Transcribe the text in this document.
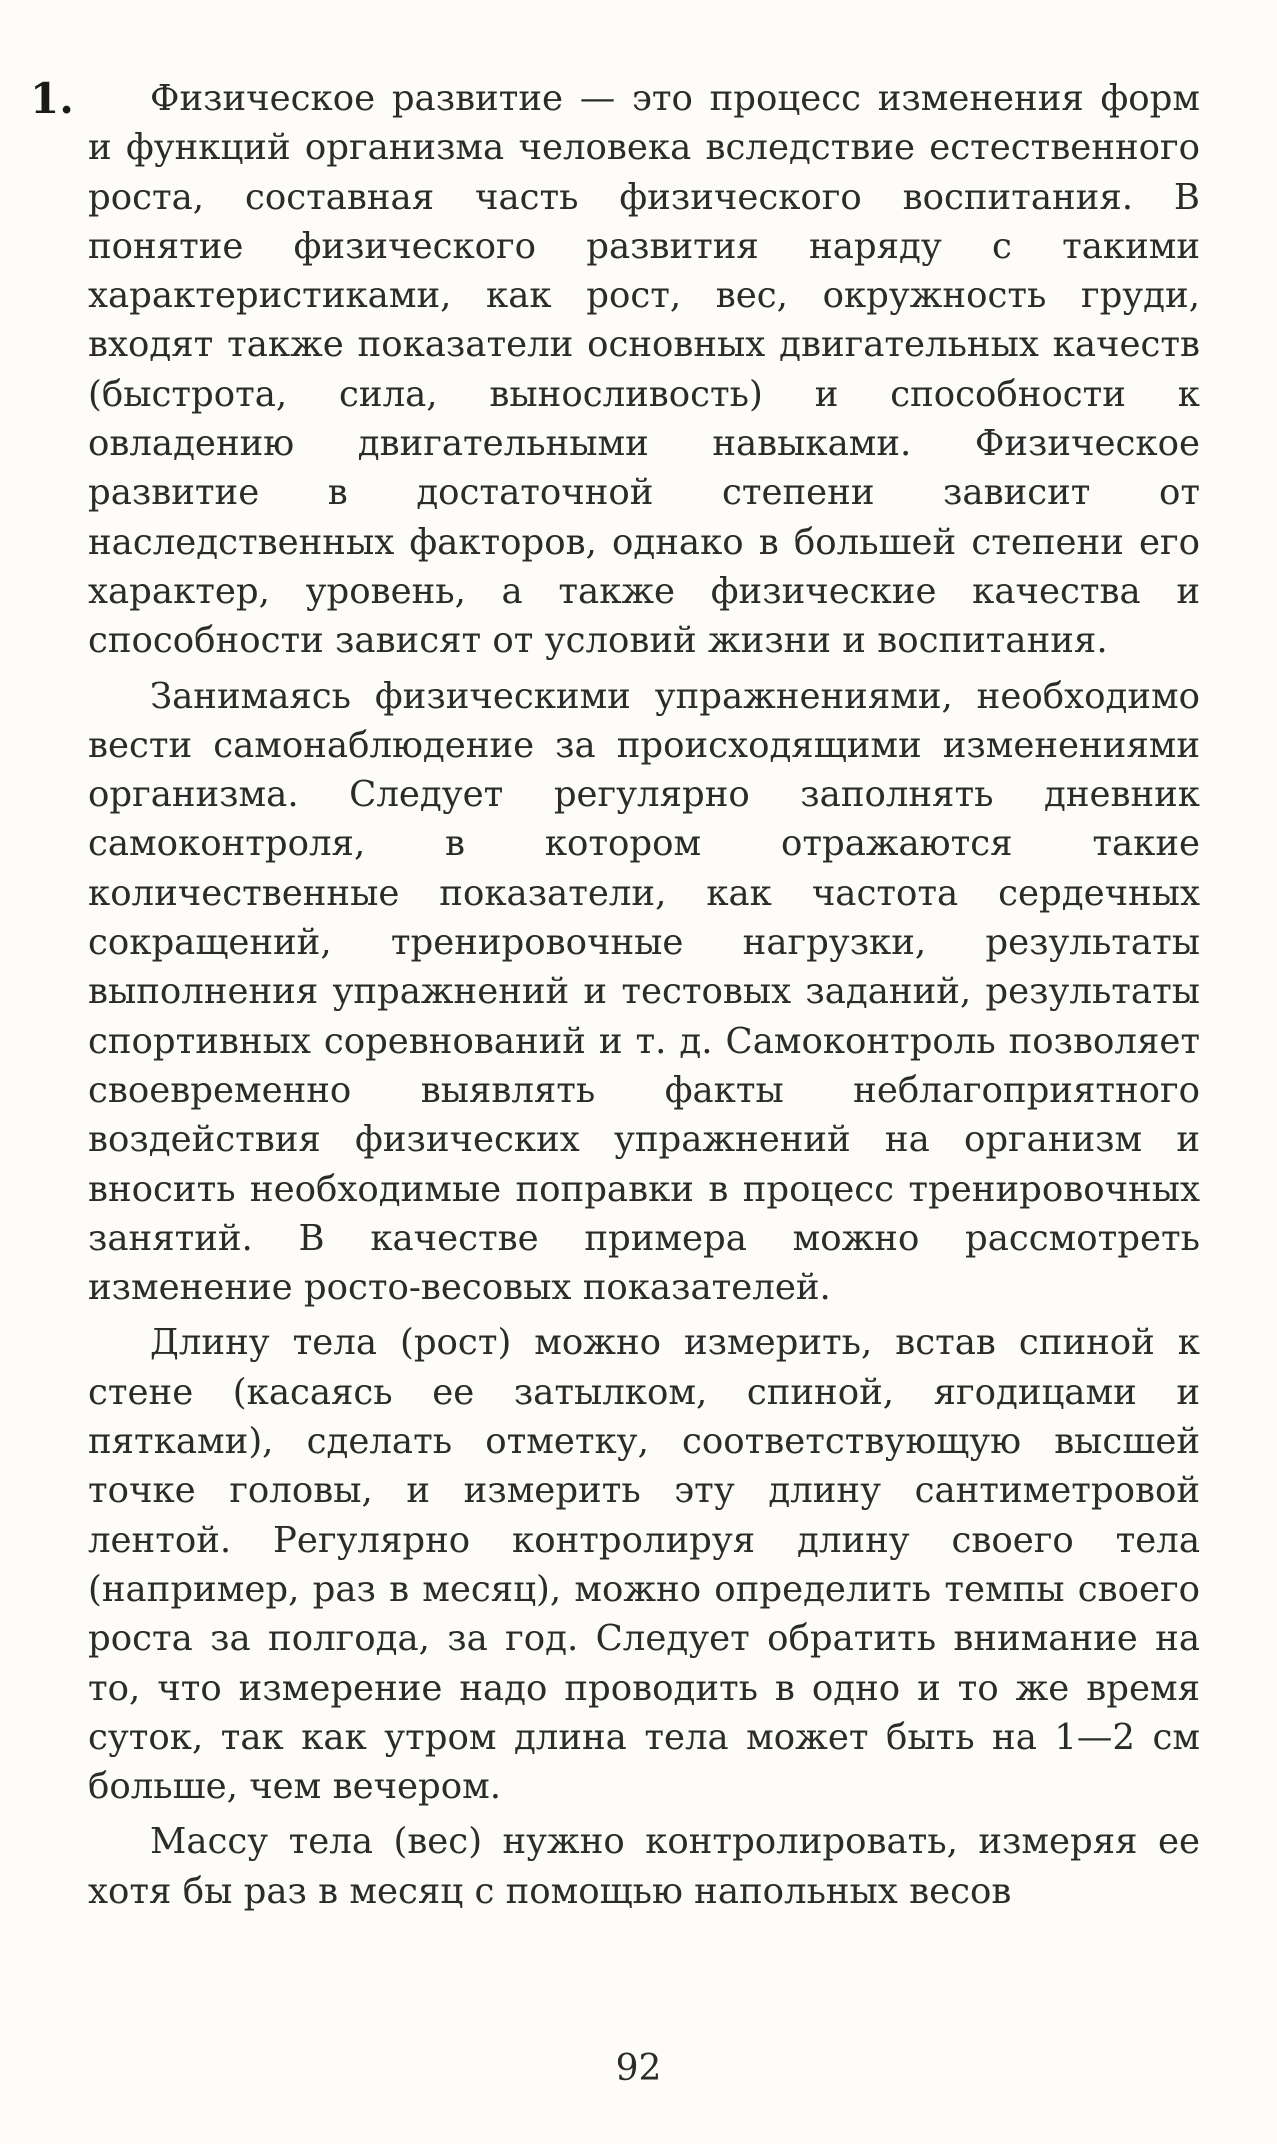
1.	Физическое развитие — это процесс изменения форм и функций организма человека вследствие естественного роста, составная часть физического воспитания. В понятие физического развития наряду с такими характеристиками, как рост, вес, окружность груди, входят также показатели основных двигательных качеств (быстрота, сила, выносливость) и способности к овладению двигательными навыками. Физическое развитие в достаточной степени зависит от наследственных факторов, однако в большей степени его характер, уровень, а также физические качества и способности зависят от условий жизни и воспитания.

Занимаясь физическими упражнениями, необходимо вести самонаблюдение за происходящими изменениями организма. Следует регулярно заполнять дневник самоконтроля, в котором отражаются такие количественные показатели, как частота сердечных сокращений, тренировочные нагрузки, результаты выполнения упражнений и тестовых заданий, результаты спортивных соревнований и т. д. Самоконтроль позволяет своевременно выявлять факты неблагоприятного воздействия физических упражнений на организм и вносить необходимые поправки в процесс тренировочных занятий. В качестве примера можно рассмотреть изменение росто-весовых показателей.

Длину тела (рост) можно измерить, встав спиной к стене (касаясь ее затылком, спиной, ягодицами и пятками), сделать отметку, соответствующую высшей точке головы, и измерить эту длину сантиметровой лентой. Регулярно контролируя длину своего тела (например, раз в месяц), можно определить темпы своего роста за полгода, за год. Следует обратить внимание на то, что измерение надо проводить в одно и то же время суток, так как утром длина тела может быть на 1—2 см больше, чем вечером.

Массу тела (вес) нужно контролировать, измеряя ее хотя бы раз в месяц с помощью напольных весов

92
